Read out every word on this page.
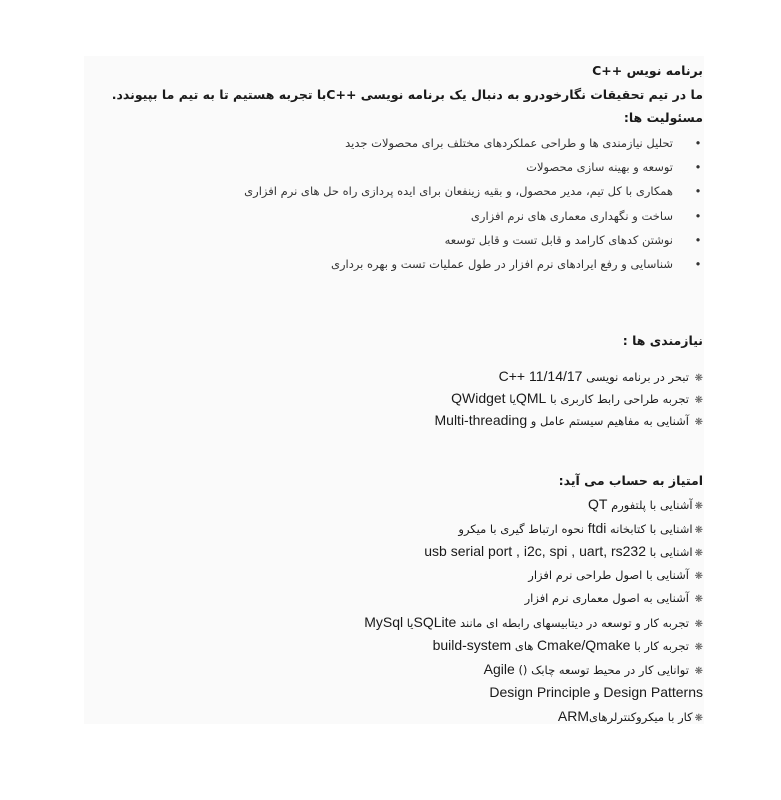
برنامه نویس ++C
ما در تیم تحقیقات نگارخودرو به دنبال یک برنامه نویسی ++Cبا تجربه هستیم تا به تیم ما بپیوندد.
مسئولیت ها:
•
تحلیل نیازمندی ها و طراحی عملکردهای مختلف برای محصولات جدید
•
توسعه و بهینه سازی محصولات
•
همکاری با کل تیم، مدیر محصول، و بقیه زینفعان برای ایده پردازی راه حل های نرم افزاری
•
ساخت و نگهداری معماری های نرم افزاری
•
نوشتن کدهای کارامد و قابل تست و قابل توسعه
•
شناسایی و رفع ایرادهای نرم افزار در طول عملیات تست و بهره برداری
نیازمندی ها :
❋ تبحر در برنامه نویسی C++ 11/14/17
❋ تجربه طراحی رابط کاربری با QMLیا QWidget
❋ آشنایی به مفاهیم سیستم عامل و Multi-threading
امتیاز به حساب می آید:
❋آشنایی با پلتفورم QT
❋اشنایی با کتابخانه ftdi نحوه ارتباط گیری با میکرو
❋اشنایی با usb serial port , i2c, spi , uart, rs232
❋ آشنایی با اصول طراحی نرم افزار
❋ آشنایی به اصول معماری نرم افزار
❋ تجربه کار و توسعه در دیتابیسهای رابطه ای مانند SQLiteیا MySql
❋ تجربه کار با Cmake/Qmake های build-system
❋ توانایی کار در محیط توسعه چابک () Agile
Design Patterns و Design Principle
❋کار با میکروکنترلرهایARM
